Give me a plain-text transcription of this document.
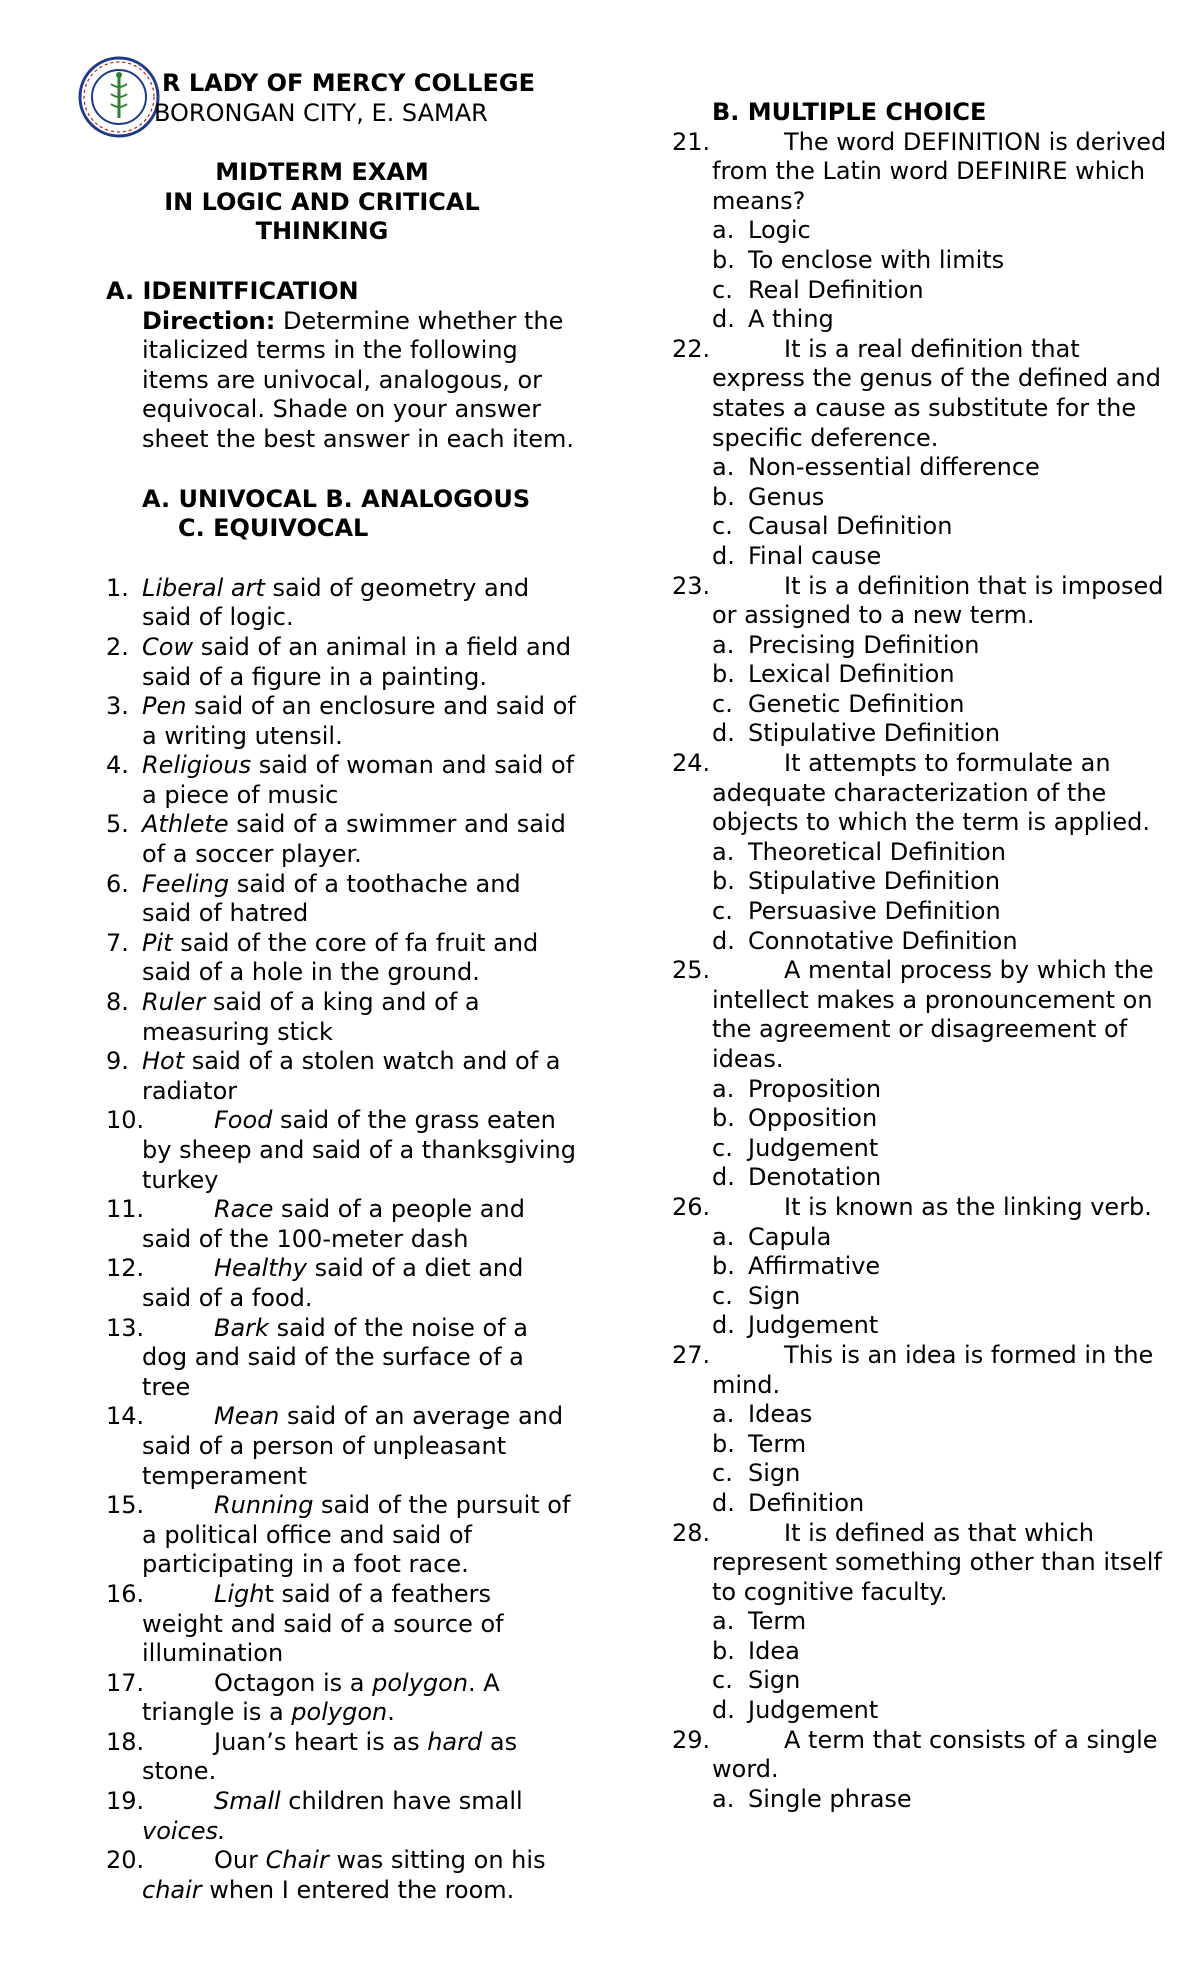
R LADY OF MERCY COLLEGE
BORONGAN CITY, E. SAMAR
MIDTERM EXAM
IN LOGIC AND CRITICAL THINKING
A. IDENITFICATION
Direction: Determine whether the italicized terms in the following items are univocal, analogous, or equivocal. Shade on your answer sheet the best answer in each item.
A. UNIVOCAL B. ANALOGOUS
C. EQUIVOCAL
1. Liberal art said of geometry and said of logic.
2. Cow said of an animal in a field and said of a figure in a painting.
3. Pen said of an enclosure and said of a writing utensil.
4. Religious said of woman and said of a piece of music
5. Athlete said of a swimmer and said of a soccer player.
6. Feeling said of a toothache and said of hatred
7. Pit said of the core of fa fruit and said of a hole in the ground.
8. Ruler said of a king and of a measuring stick
9. Hot said of a stolen watch and of a radiator
10.	Food said of the grass eaten by sheep and said of a thanksgiving turkey
11.	Race said of a people and said of the 100-meter dash
12.	Healthy said of a diet and said of a food.
13.	Bark said of the noise of a dog and said of the surface of a tree
14.	Mean said of an average and said of a person of unpleasant temperament
15.	Running said of the pursuit of a political office and said of participating in a foot race.
16.	Light said of a feathers weight and said of a source of illumination
17.	Octagon is a polygon. A triangle is a polygon.
18.	Juan’s heart is as hard as stone.
19.	Small children have small voices.
20.	Our Chair was sitting on his chair when I entered the room.
B. MULTIPLE CHOICE
21.	The word DEFINITION is derived from the Latin word DEFINIRE which means?
a. Logic
b. To enclose with limits
c. Real Definition
d. A thing
22.	It is a real definition that express the genus of the defined and states a cause as substitute for the specific deference.
a. Non-essential difference
b. Genus
c. Causal Definition
d. Final cause
23.	It is a definition that is imposed or assigned to a new term.
a. Precising Definition
b. Lexical Definition
c. Genetic Definition
d. Stipulative Definition
24.	It attempts to formulate an adequate characterization of the objects to which the term is applied.
a. Theoretical Definition
b. Stipulative Definition
c. Persuasive Definition
d. Connotative Definition
25.	A mental process by which the intellect makes a pronouncement on the agreement or disagreement of ideas.
a. Proposition
b. Opposition
c. Judgement
d. Denotation
26.	It is known as the linking verb.
a. Capula
b. Affirmative
c. Sign
d. Judgement
27.	This is an idea is formed in the mind.
a. Ideas
b. Term
c. Sign
d. Definition
28.	It is defined as that which represent something other than itself to cognitive faculty.
a. Term
b. Idea
c. Sign
d. Judgement
29.	A term that consists of a single word.
a. Single phrase
